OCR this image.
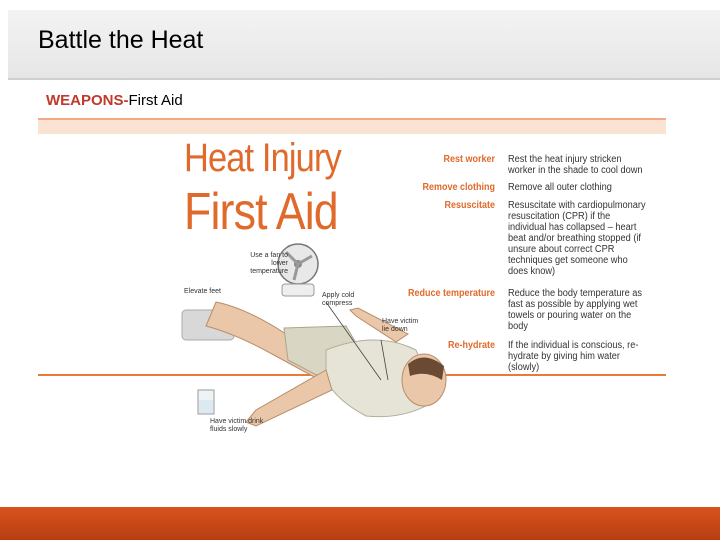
Battle the Heat
WEAPONS-First Aid
Heat Injury
First Aid
Rest worker Rest the heat injury stricken worker in the shade to cool down
Remove clothing Remove all outer clothing
Resuscitate Resuscitate with cardiopulmonary resuscitation (CPR) if the individual has collapsed – heart beat and/or breathing stopped (if unsure about correct CPR techniques get someone who does know)
Reduce temperature Reduce the body temperature as fast as possible by applying wet towels or pouring water on the body
Re-hydrate If the individual is conscious, re-hydrate by giving him water (slowly)
Use a fan to lower temperature
Elevate feet
Apply cold compress
Have victim lie down
Have victim drink fluids slowly
